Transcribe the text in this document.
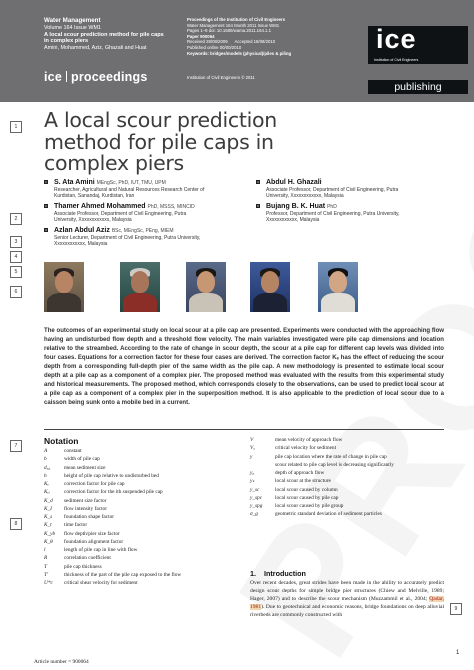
Water Management
Volume 164 Issue WM1
A local scour prediction method for pile caps
in complex piers
Amini, Mohammed, Aziz, Ghazali and Huat
ice proceedings
Proceedings of the Institution of Civil Engineers
Water Management 164 Month 2011 Issue WM1
Pages 1–8 doi: 10.1680/wama.2011.164.1.1
Paper 900064
Received 28/08/2009      Accepted 18/08/2010
Published online 00/00/2010
Keywords: bridges/models (physical)/piles & piling
Institution of Civil Engineers © 2011
ice
Institution of Civil Engineers
publishing
1
2
3
4
5
6
7
8
9
A local scour prediction
method for pile caps in
complex piers
1 S. Ata Amini MEngSc, PhD, IUT, TMU, UPM
Researcher, Agricultural and Natural Resources Research Center of
Kurdistan, Sanandaj, Kurdistan, Iran
2 Thamer Ahmed Mohammed PhD, MSSS, MINCID
Associate Professor, Department of Civil Engineering, Putra
University, Xxxxxxxxxxxx, Malaysia
3 Azlan Abdul Aziz BSc, MEngSc, PEng, MIEM
Senior Lecturer, Department of Civil Engineering, Putra University,
Xxxxxxxxxxxx, Malaysia
4 Abdul H. Ghazali
Associate Professor, Department of Civil Engineering, Putra
University, Xxxxxxxxxxxx, Malaysia
5 Bujang B. K. Huat PhD
Professor, Department of Civil Engineering, Putra University,
Xxxxxxxxxxxx, Malaysia
The outcomes of an experimental study on local scour at a pile cap are presented. Experiments were conducted with the approaching flow having an undisturbed flow depth and a threshold flow velocity. The main variables investigated were pile cap dimensions and location relative to the streambed. According to the rate of change in scour depth, the scour at a pile cap for different cap levels was divided into four cases. Equations for a correction factor for these four cases are derived. The correction factor Kₑ has the effect of reducing the scour depth from a corresponding full-depth pier of the same width as the pile cap. A new methodology is presented to estimate local scour depth at a pile cap as a component of a complex pier. The proposed method was evaluated with the results from this experimental study and historical measurements. The proposed method, which corresponds closely to the observations, can be used to predict local scour at a pile cap as a component of a complex pier in the superposition method. It is also applicable to the prediction of local scour due to a caisson being sunk onto a mobile bed in a current.
Notation
A	constant
b	width of pile cap
d₅₀	mean sediment size
h	height of pile cap relative to undisturbed bed
Kₑ	correction factor for pile cap
Kₑᵢ	correction factor for the ith suspended pile cap
K_d	sediment size factor
K_I	flow intensity factor
K_s	foundation shape factor
K_t	time factor
K_yb	flow depth/pier size factor
K_θ	foundation alignment factor
l	length of pile cap in line with flow
R	correlation coefficient
T	pile cap thickness
T'	thickness of the part of the pile cap exposed to the flow
U*c	critical shear velocity for sediment
V	mean velocity of approach flow
V꜀	critical velocity for sediment
y	pile cap location where the rate of change in pile cap
scour related to pile cap level is decreasing significantly
y₀	depth of approach flow
yₛ	local scour at the structure
y_sc	local scour caused by column
y_spc	local scour caused by pile cap
y_spg	local scour caused by pile group
σ_g	geometric standard deviation of sediment particles
1. Introduction
Over recent decades, great strides have been made in the ability to accurately predict design scour depths for simple bridge pier structures (Chiew and Melville, 1989; Hager, 2007) and to describe the scour mechanism (Muzzammil et al., 2004; Qadar, 1981). Due to geotechnical and economic reasons, bridge foundations on deep alluvial riverbeds are commonly constructed with
Article number = 900064
1
